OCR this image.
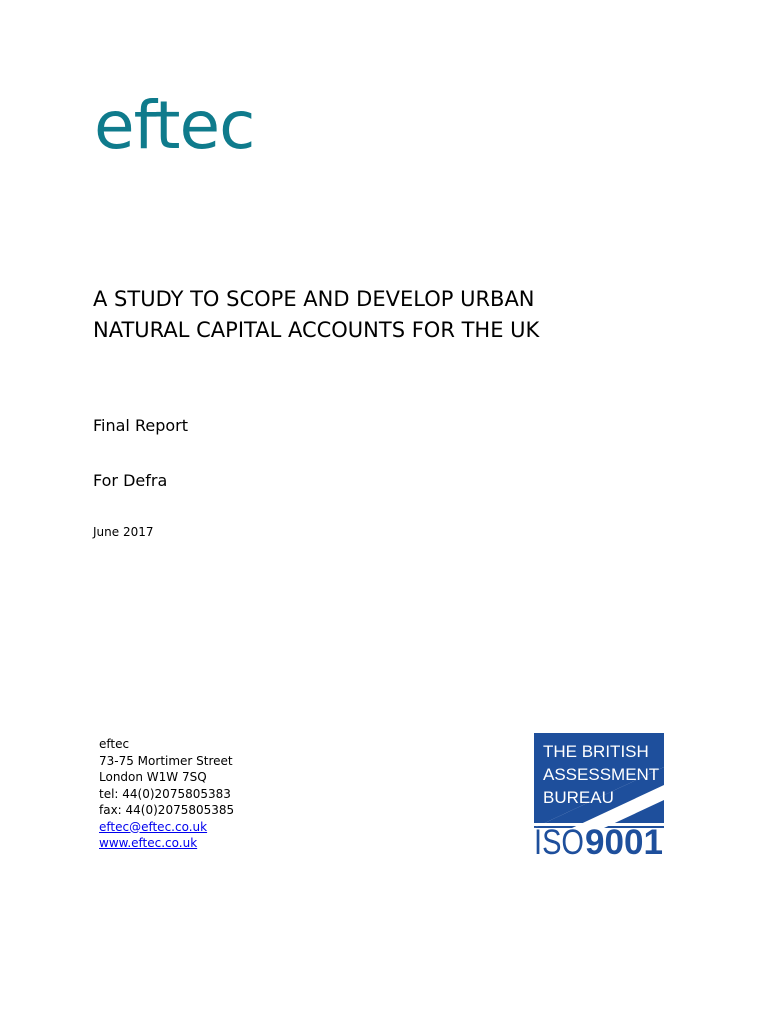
eftec
A STUDY TO SCOPE AND DEVELOP URBAN
NATURAL CAPITAL ACCOUNTS FOR THE UK

Final Report

For Defra

June 2017

eftec
73-75 Mortimer Street
London W1W 7SQ
tel: 44(0)2075805383
fax: 44(0)2075805385
eftec@eftec.co.uk
www.eftec.co.uk
THE BRITISH
ASSESSMENT
BUREAU
ISO 9001
